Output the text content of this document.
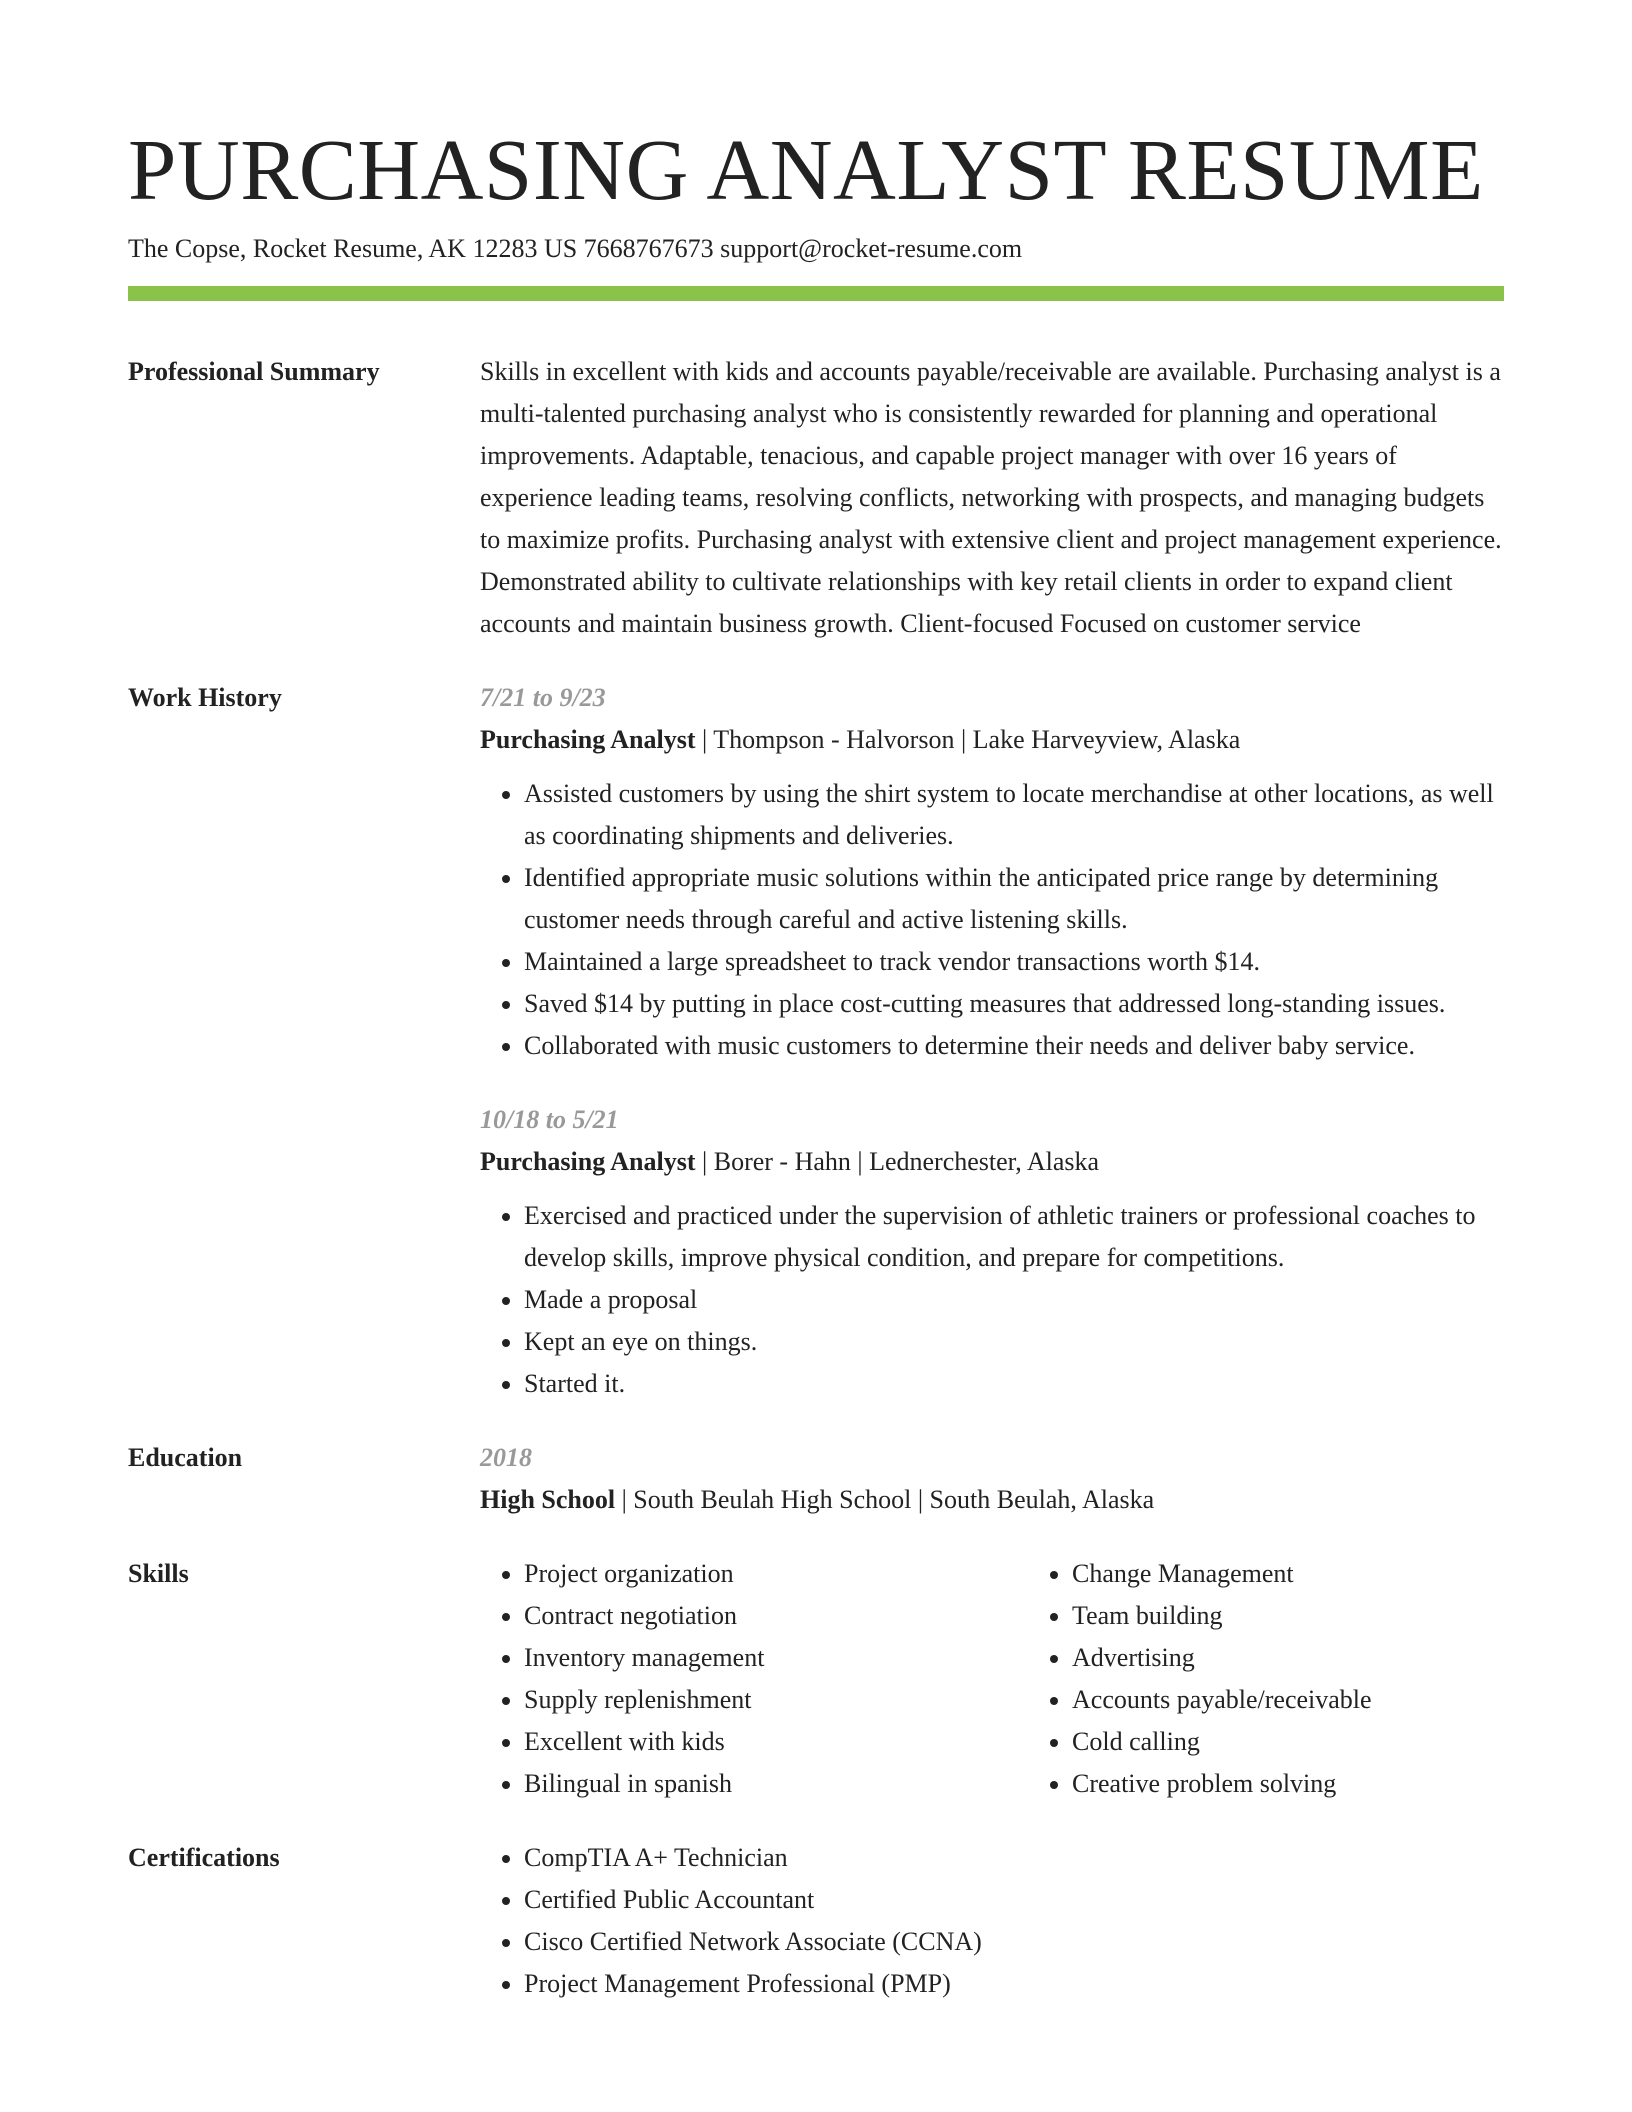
PURCHASING ANALYST RESUME
The Copse, Rocket Resume, AK 12283 US 7668767673 support@rocket-resume.com
Professional Summary	Skills in excellent with kids and accounts payable/receivable are available. Purchasing analyst is a multi-talented purchasing analyst who is consistently rewarded for planning and operational improvements. Adaptable, tenacious, and capable project manager with over 16 years of experience leading teams, resolving conflicts, networking with prospects, and managing budgets to maximize profits. Purchasing analyst with extensive client and project management experience. Demonstrated ability to cultivate relationships with key retail clients in order to expand client accounts and maintain business growth. Client-focused Focused on customer service
Work History	7/21 to 9/23
Purchasing Analyst | Thompson - Halvorson | Lake Harveyview, Alaska
• Assisted customers by using the shirt system to locate merchandise at other locations, as well as coordinating shipments and deliveries.
• Identified appropriate music solutions within the anticipated price range by determining customer needs through careful and active listening skills.
• Maintained a large spreadsheet to track vendor transactions worth $14.
• Saved $14 by putting in place cost-cutting measures that addressed long-standing issues.
• Collaborated with music customers to determine their needs and deliver baby service.
10/18 to 5/21
Purchasing Analyst | Borer - Hahn | Lednerchester, Alaska
• Exercised and practiced under the supervision of athletic trainers or professional coaches to develop skills, improve physical condition, and prepare for competitions.
• Made a proposal
• Kept an eye on things.
• Started it.
Education	2018
High School | South Beulah High School | South Beulah, Alaska
Skills	• Project organization
• Contract negotiation
• Inventory management
• Supply replenishment
• Excellent with kids
• Bilingual in spanish
• Change Management
• Team building
• Advertising
• Accounts payable/receivable
• Cold calling
• Creative problem solving
Certifications	• CompTIA A+ Technician
• Certified Public Accountant
• Cisco Certified Network Associate (CCNA)
• Project Management Professional (PMP)
